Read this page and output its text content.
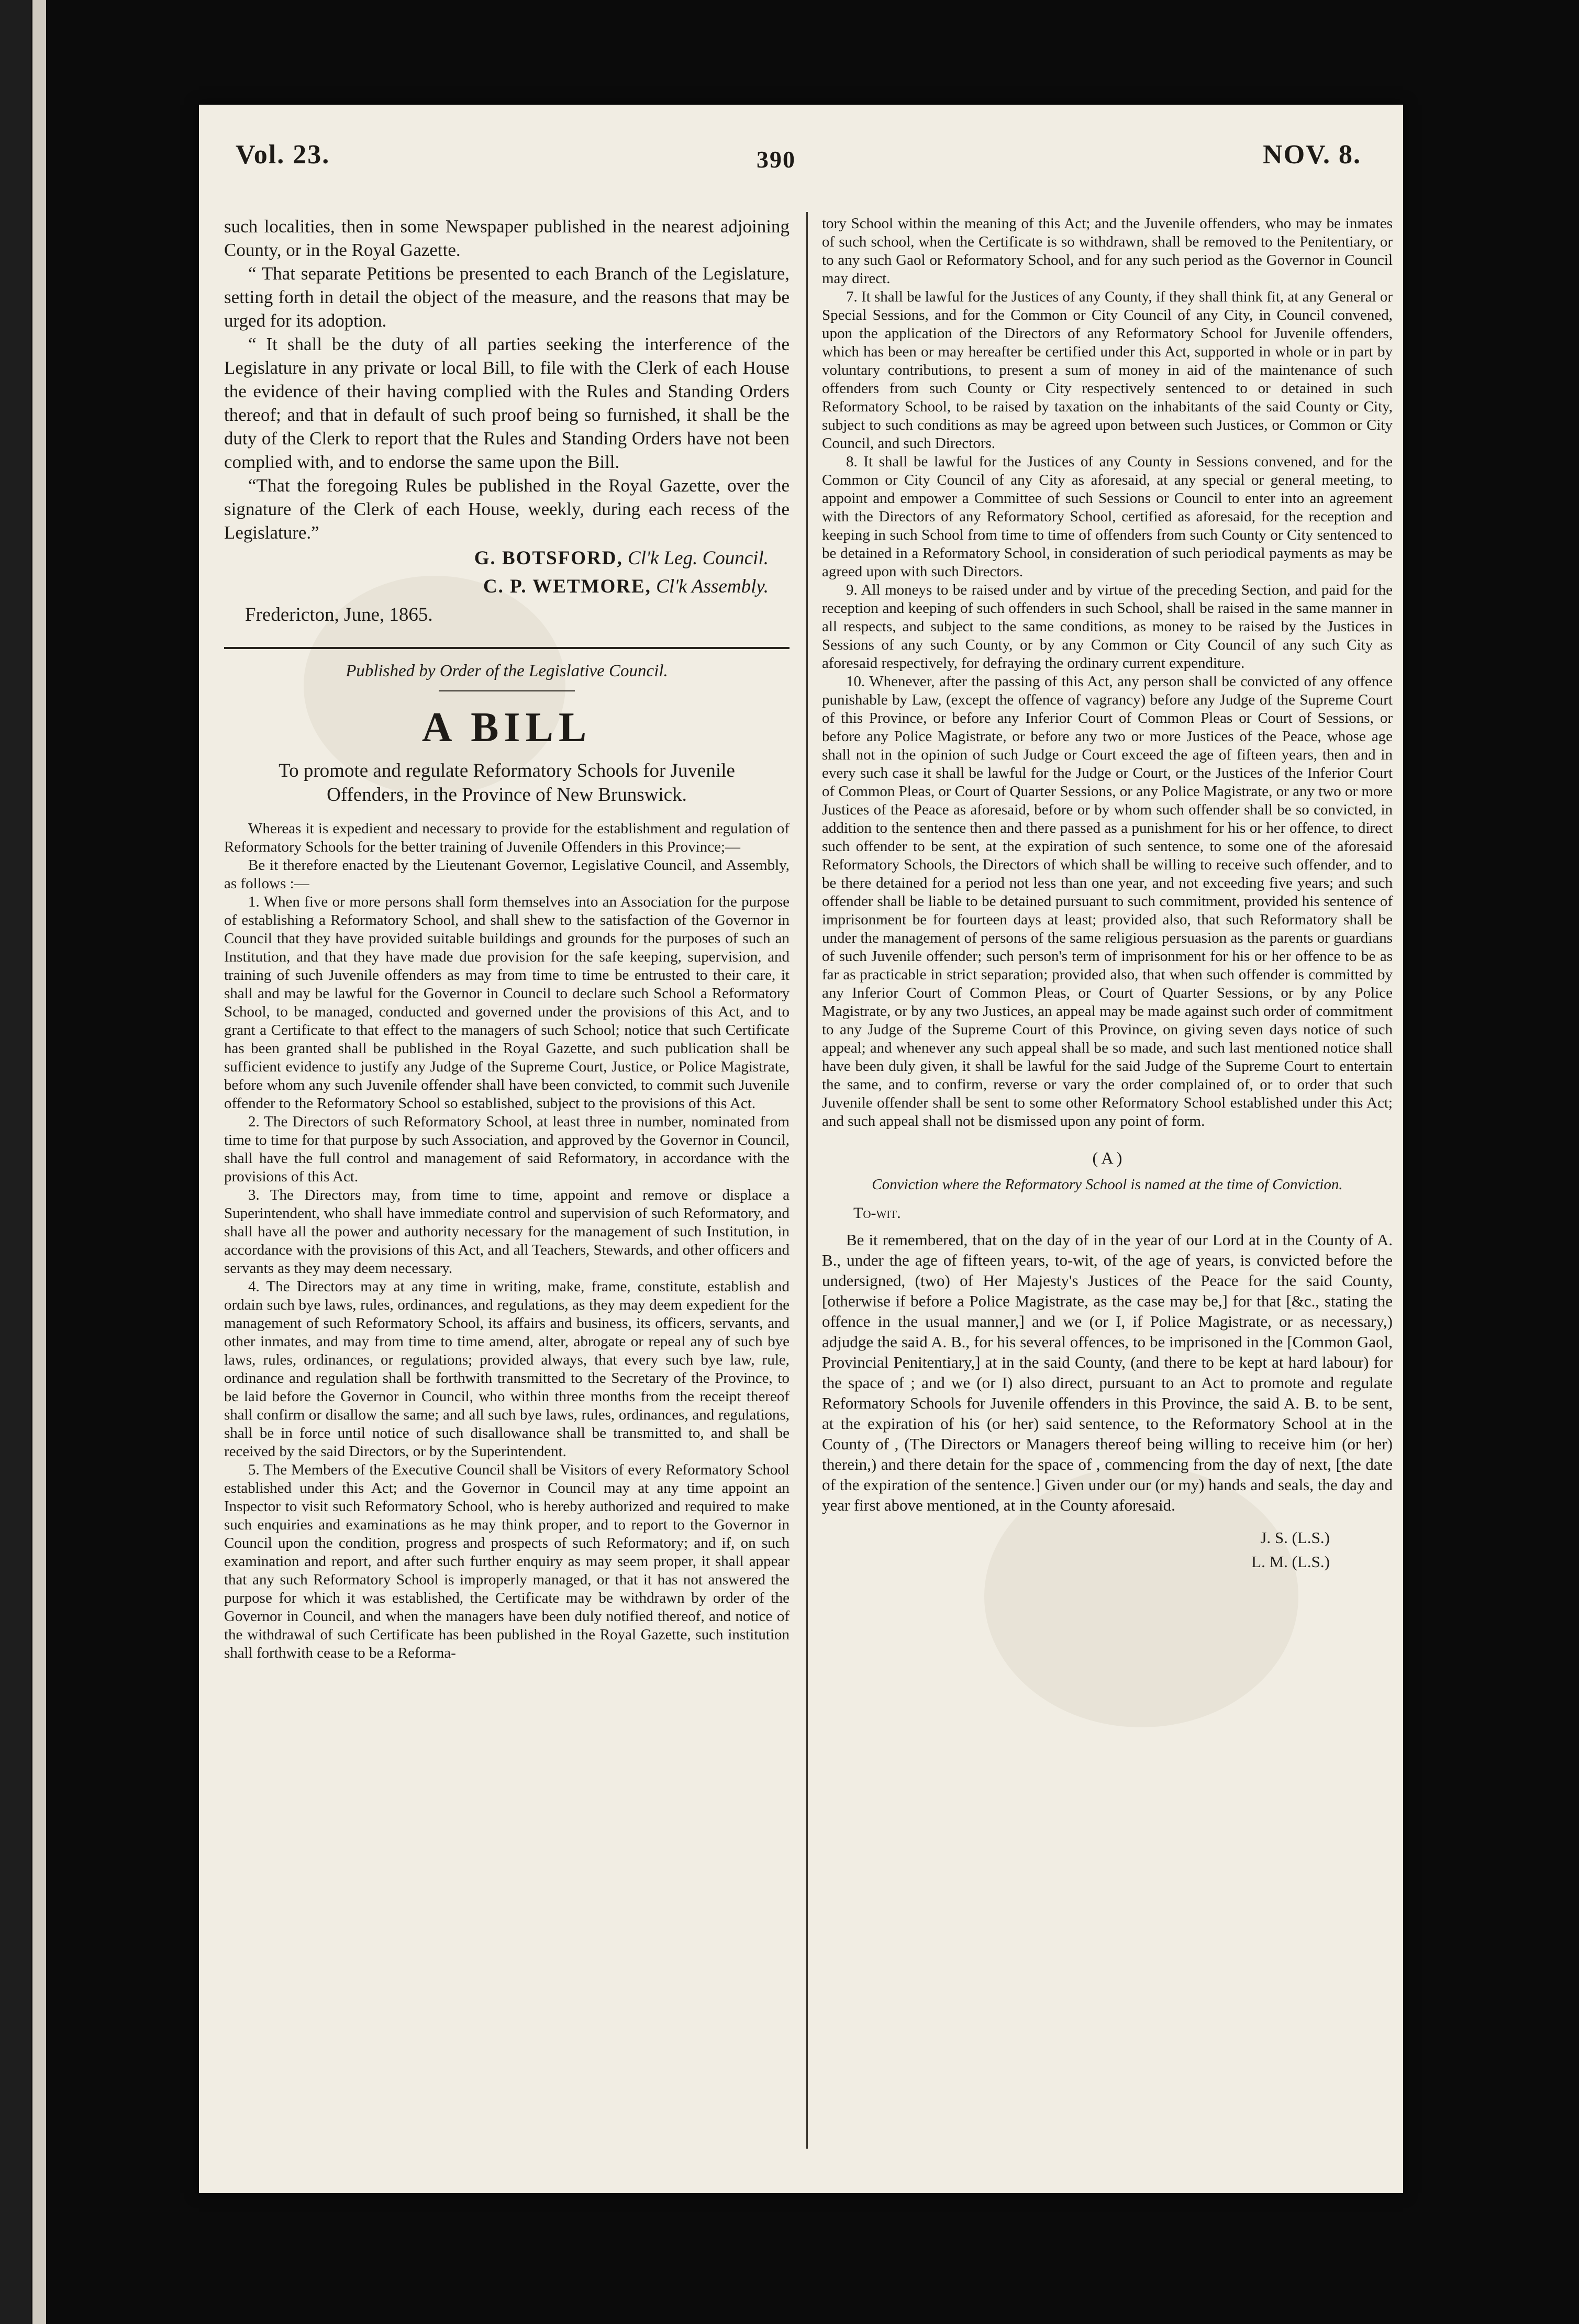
Vol. 23.	390	NOV. 8.

such localities, then in some Newspaper published in the nearest adjoining County, or in the Royal Gazette.

“ That separate Petitions be presented to each Branch of the Legislature, setting forth in detail the object of the measure, and the reasons that may be urged for its adoption.

“ It shall be the duty of all parties seeking the interference of the Legislature in any private or local Bill, to file with the Clerk of each House the evidence of their having complied with the Rules and Standing Orders thereof; and that in default of such proof being so furnished, it shall be the duty of the Clerk to report that the Rules and Standing Orders have not been complied with, and to endorse the same upon the Bill.

“That the foregoing Rules be published in the Royal Gazette, over the signature of the Clerk of each House, weekly, during each recess of the Legislature.”

G. BOTSFORD, Cl'k Leg. Council.
C. P. WETMORE, Cl'k Assembly.
Fredericton, June, 1865.
Published by Order of the Legislative Council.
A BILL
To promote and regulate Reformatory Schools for Juvenile Offenders, in the Province of New Brunswick.

Whereas it is expedient and necessary to provide for the establishment and regulation of Reformatory Schools for the better training of Juvenile Offenders in this Province;—

Be it therefore enacted by the Lieutenant Governor, Legislative Council, and Assembly, as follows :—

1. When five or more persons shall form themselves into an Association for the purpose of establishing a Reformatory School, and shall shew to the satisfaction of the Governor in Council that they have provided suitable buildings and grounds for the purposes of such an Institution, and that they have made due provision for the safe keeping, supervision, and training of such Juvenile offenders as may from time to time be entrusted to their care, it shall and may be lawful for the Governor in Council to declare such School a Reformatory School, to be managed, conducted and governed under the provisions of this Act, and to grant a Certificate to that effect to the managers of such School; notice that such Certificate has been granted shall be published in the Royal Gazette, and such publication shall be sufficient evidence to justify any Judge of the Supreme Court, Justice, or Police Magistrate, before whom any such Juvenile offender shall have been convicted, to commit such Juvenile offender to the Reformatory School so established, subject to the provisions of this Act.

2. The Directors of such Reformatory School, at least three in number, nominated from time to time for that purpose by such Association, and approved by the Governor in Council, shall have the full control and management of said Reformatory, in accordance with the provisions of this Act.

3. The Directors may, from time to time, appoint and remove or displace a Superintendent, who shall have immediate control and supervision of such Reformatory, and shall have all the power and authority necessary for the management of such Institution, in accordance with the provisions of this Act, and all Teachers, Stewards, and other officers and servants as they may deem necessary.

4. The Directors may at any time in writing, make, frame, constitute, establish and ordain such bye laws, rules, ordinances, and regulations, as they may deem expedient for the management of such Reformatory School, its affairs and business, its officers, servants, and other inmates, and may from time to time amend, alter, abrogate or repeal any of such bye laws, rules, ordinances, or regulations; provided always, that every such bye law, rule, ordinance and regulation shall be forthwith transmitted to the Secretary of the Province, to be laid before the Governor in Council, who within three months from the receipt thereof shall confirm or disallow the same; and all such bye laws, rules, ordinances, and regulations, shall be in force until notice of such disallowance shall be transmitted to, and shall be received by the said Directors, or by the Superintendent.

5. The Members of the Executive Council shall be Visitors of every Reformatory School established under this Act; and the Governor in Council may at any time appoint an Inspector to visit such Reformatory School, who is hereby authorized and required to make such enquiries and examinations as he may think proper, and to report to the Governor in Council upon the condition, progress and prospects of such Reformatory; and if, on such examination and report, and after such further enquiry as may seem proper, it shall appear that any such Reformatory School is improperly managed, or that it has not answered the purpose for which it was established, the Certificate may be withdrawn by order of the Governor in Council, and when the managers have been duly notified thereof, and notice of the withdrawal of such Certificate has been published in the Royal Gazette, such institution shall forthwith cease to be a Reforma-

tory School within the meaning of this Act; and the Juvenile offenders, who may be inmates of such school, when the Certificate is so withdrawn, shall be removed to the Penitentiary, or to any such Gaol or Reformatory School, and for any such period as the Governor in Council may direct.

7. It shall be lawful for the Justices of any County, if they shall think fit, at any General or Special Sessions, and for the Common or City Council of any City, in Council convened, upon the application of the Directors of any Reformatory School for Juvenile offenders, which has been or may hereafter be certified under this Act, supported in whole or in part by voluntary contributions, to present a sum of money in aid of the maintenance of such offenders from such County or City respectively sentenced to or detained in such Reformatory School, to be raised by taxation on the inhabitants of the said County or City, subject to such conditions as may be agreed upon between such Justices, or Common or City Council, and such Directors.

8. It shall be lawful for the Justices of any County in Sessions convened, and for the Common or City Council of any City as aforesaid, at any special or general meeting, to appoint and empower a Committee of such Sessions or Council to enter into an agreement with the Directors of any Reformatory School, certified as aforesaid, for the reception and keeping in such School from time to time of offenders from such County or City sentenced to be detained in a Reformatory School, in consideration of such periodical payments as may be agreed upon with such Directors.

9. All moneys to be raised under and by virtue of the preceding Section, and paid for the reception and keeping of such offenders in such School, shall be raised in the same manner in all respects, and subject to the same conditions, as money to be raised by the Justices in Sessions of any such County, or by any Common or City Council of any such City as aforesaid respectively, for defraying the ordinary current expenditure.

10. Whenever, after the passing of this Act, any person shall be convicted of any offence punishable by Law, (except the offence of vagrancy) before any Judge of the Supreme Court of this Province, or before any Inferior Court of Common Pleas or Court of Sessions, or before any Police Magistrate, or before any two or more Justices of the Peace, whose age shall not in the opinion of such Judge or Court exceed the age of fifteen years, then and in every such case it shall be lawful for the Judge or Court, or the Justices of the Inferior Court of Common Pleas, or Court of Quarter Sessions, or any Police Magistrate, or any two or more Justices of the Peace as aforesaid, before or by whom such offender shall be so convicted, in addition to the sentence then and there passed as a punishment for his or her offence, to direct such offender to be sent, at the expiration of such sentence, to some one of the aforesaid Reformatory Schools, the Directors of which shall be willing to receive such offender, and to be there detained for a period not less than one year, and not exceeding five years; and such offender shall be liable to be detained pursuant to such commitment, provided his sentence of imprisonment be for fourteen days at least; provided also, that such Reformatory shall be under the management of persons of the same religious persuasion as the parents or guardians of such Juvenile offender; such person's term of imprisonment for his or her offence to be as far as practicable in strict separation; provided also, that when such offender is committed by any Inferior Court of Common Pleas, or Court of Quarter Sessions, or by any Police Magistrate, or by any two Justices, an appeal may be made against such order of commitment to any Judge of the Supreme Court of this Province, on giving seven days notice of such appeal; and whenever any such appeal shall be so made, and such last mentioned notice shall have been duly given, it shall be lawful for the said Judge of the Supreme Court to entertain the same, and to confirm, reverse or vary the order complained of, or to order that such Juvenile offender shall be sent to some other Reformatory School established under this Act; and such appeal shall not be dismissed upon any point of form.

( A )
Conviction where the Reformatory School is named at the time of Conviction.
To-wit.

Be it remembered, that on the day of in the year of our Lord at in the County of A. B., under the age of fifteen years, to-wit, of the age of years, is convicted before the undersigned, (two) of Her Majesty's Justices of the Peace for the said County, [otherwise if before a Police Magistrate, as the case may be,] for that [&c., stating the offence in the usual manner,] and we (or I, if Police Magistrate, or as necessary,) adjudge the said A. B., for his several offences, to be imprisoned in the [Common Gaol, Provincial Penitentiary,] at in the said County, (and there to be kept at hard labour) for the space of ; and we (or I) also direct, pursuant to an Act to promote and regulate Reformatory Schools for Juvenile offenders in this Province, the said A. B. to be sent, at the expiration of his (or her) said sentence, to the Reformatory School at in the County of , (The Directors or Managers thereof being willing to receive him (or her) therein,) and there detain for the space of , commencing from the day of next, [the date of the expiration of the sentence.] Given under our (or my) hands and seals, the day and year first above mentioned, at in the County aforesaid.

J. S. (L.S.)
L. M. (L.S.)
